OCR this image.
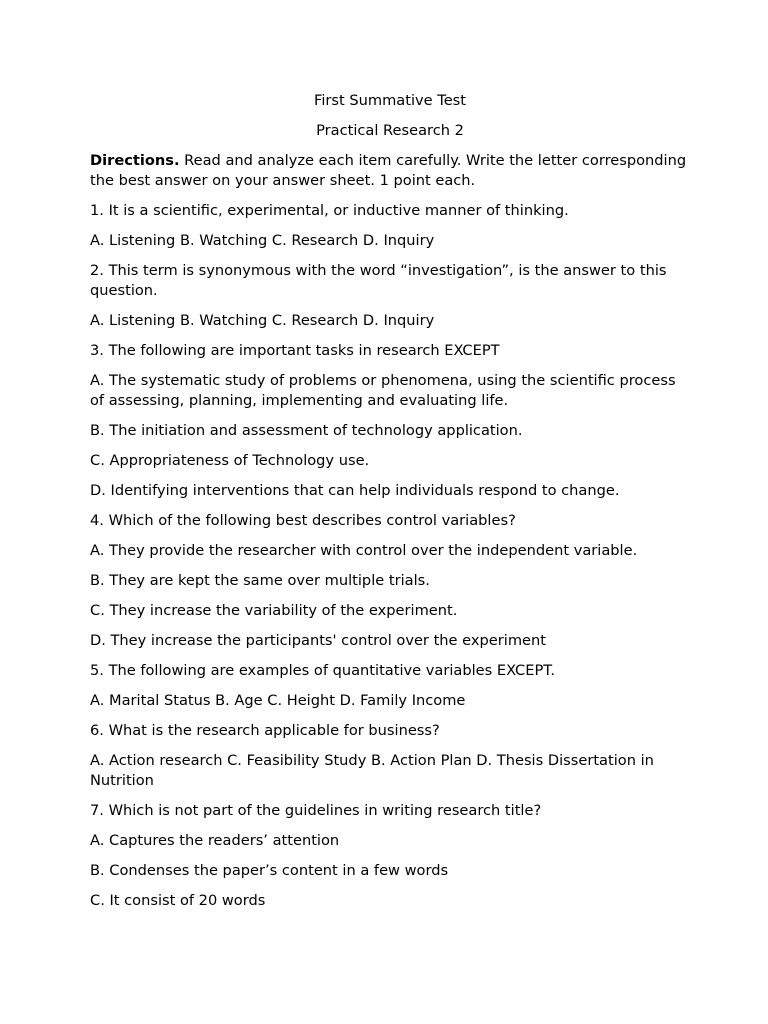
First Summative Test
Practical Research 2
Directions. Read and analyze each item carefully. Write the letter corresponding the best answer on your answer sheet. 1 point each.
1. It is a scientific, experimental, or inductive manner of thinking.
A. Listening B. Watching C. Research D. Inquiry
2. This term is synonymous with the word “investigation”, is the answer to this question.
A. Listening B. Watching C. Research D. Inquiry
3. The following are important tasks in research EXCEPT
A. The systematic study of problems or phenomena, using the scientific process of assessing, planning, implementing and evaluating life.
B. The initiation and assessment of technology application.
C. Appropriateness of Technology use.
D. Identifying interventions that can help individuals respond to change.
4. Which of the following best describes control variables?
A. They provide the researcher with control over the independent variable.
B. They are kept the same over multiple trials.
C. They increase the variability of the experiment.
D. They increase the participants' control over the experiment
5. The following are examples of quantitative variables EXCEPT.
A. Marital Status B. Age C. Height D. Family Income
6. What is the research applicable for business?
A. Action research C. Feasibility Study B. Action Plan D. Thesis Dissertation in Nutrition
7. Which is not part of the guidelines in writing research title?
A. Captures the readers’ attention
B. Condenses the paper’s content in a few words
C. It consist of 20 words
